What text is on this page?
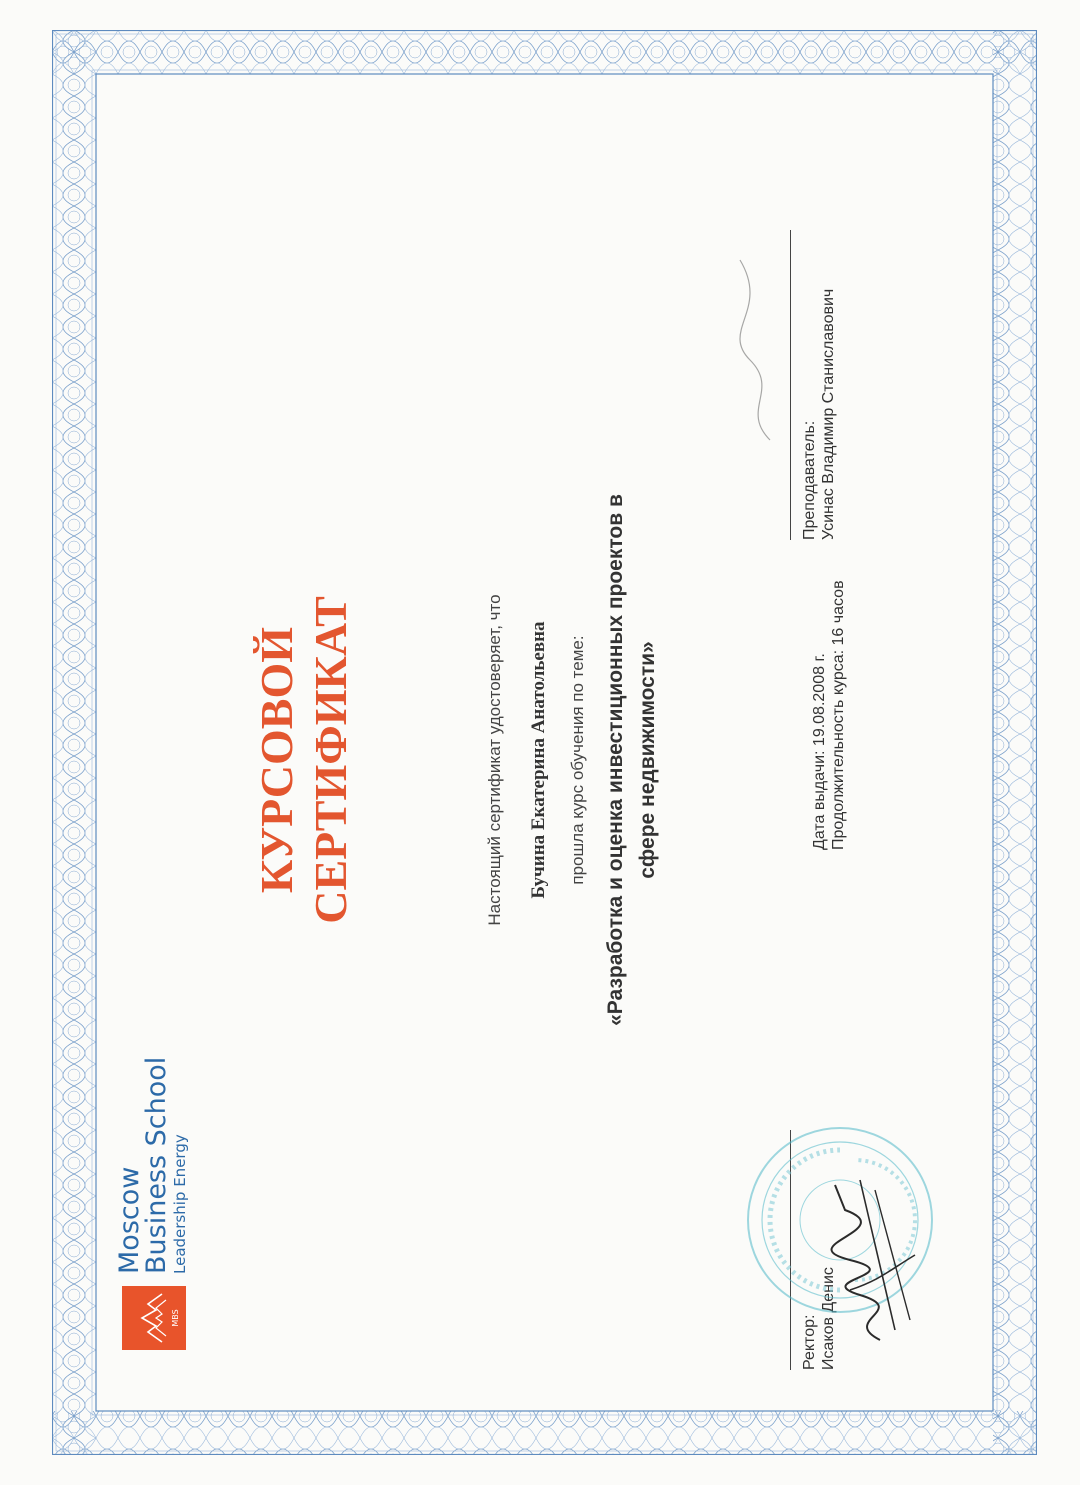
MBS
Moscow
Business School Leadership Energy
КУРСОВОЙ СЕРТИФИКАТ	Настоящий сертификат удостоверяет, что Бучина Екатерина Анатольевна прошла курс обучения по теме: «Разработка и оценка инвестиционных проектов в сфере недвижимости»
Ректор: Исаков Денис
Дата выдачи: 19.08.2008 г. Продолжительность курса: 16 часов
Преподаватель: Усинас Владимир Станиславович
